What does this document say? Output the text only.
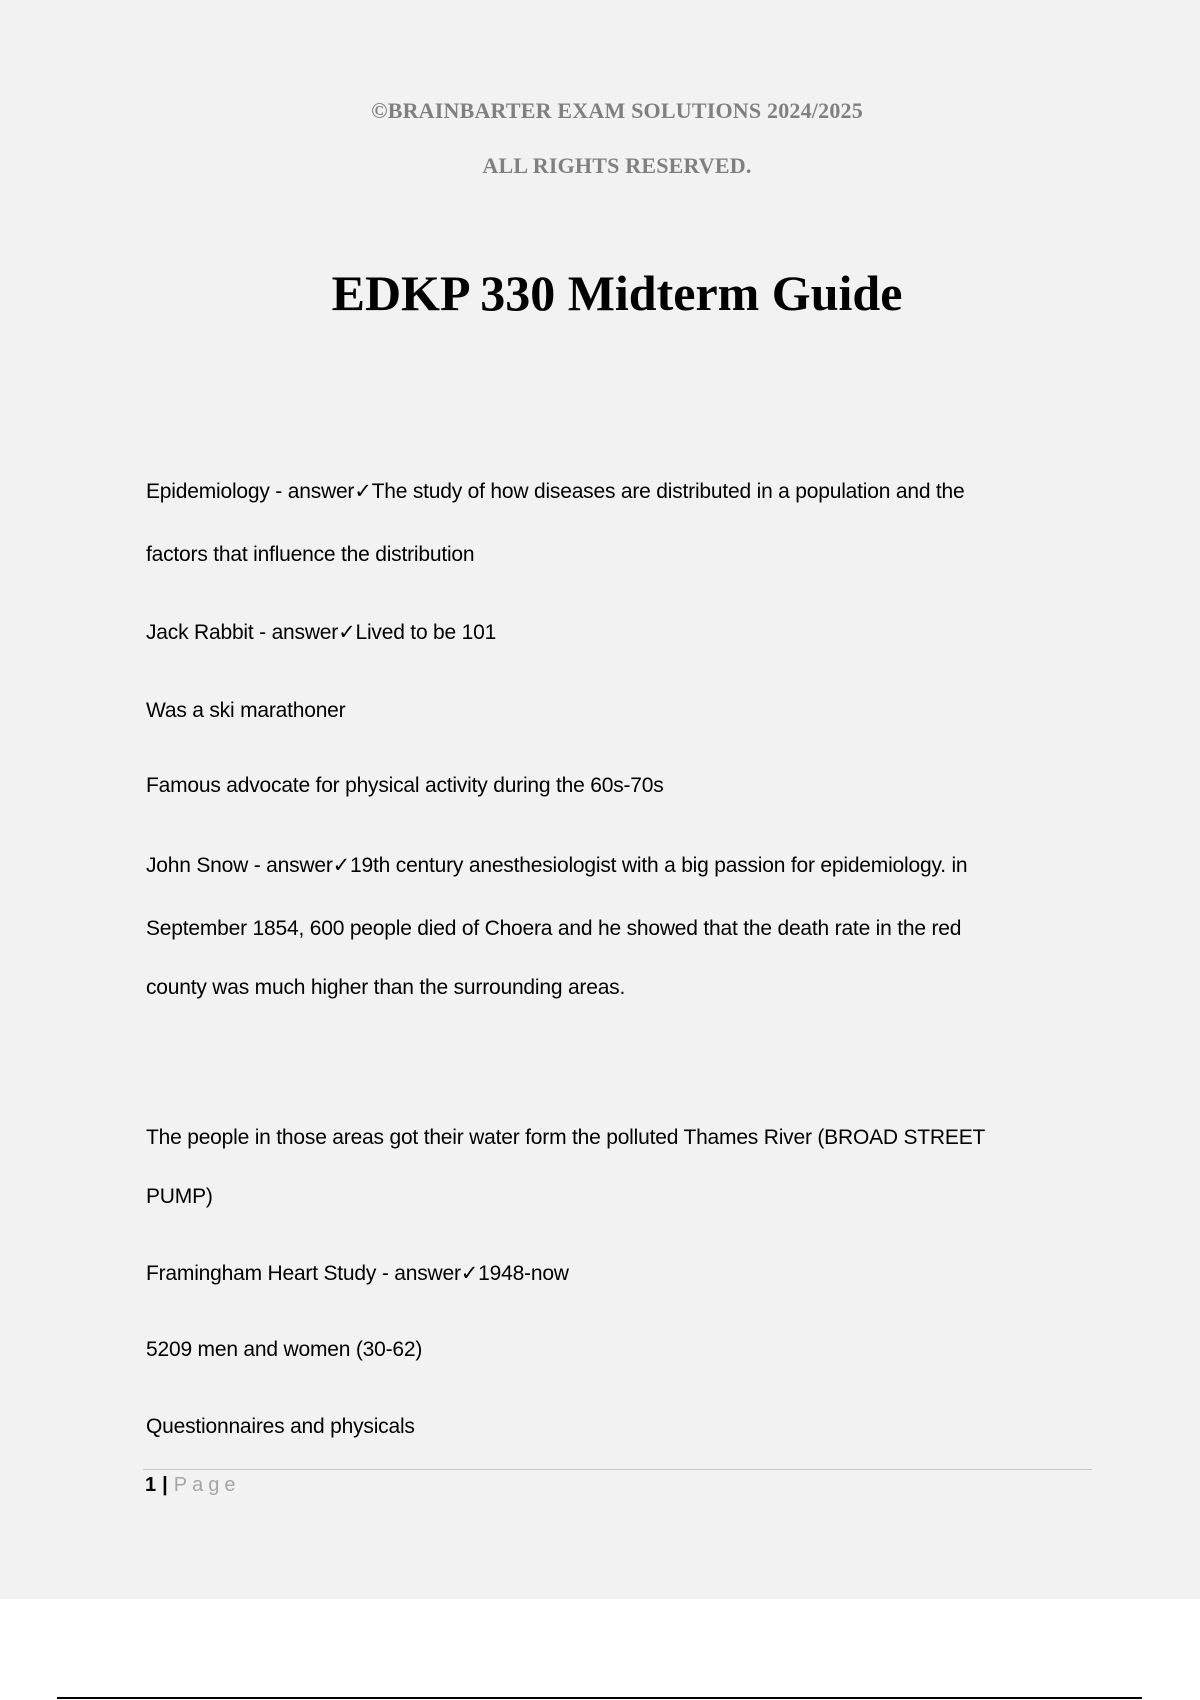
©BRAINBARTER EXAM SOLUTIONS 2024/2025
ALL RIGHTS RESERVED.
EDKP 330 Midterm Guide
Epidemiology - answer✓The study of how diseases are distributed in a population and the
factors that influence the distribution
Jack Rabbit - answer✓Lived to be 101
Was a ski marathoner
Famous advocate for physical activity during the 60s-70s
John Snow - answer✓19th century anesthesiologist with a big passion for epidemiology. in
September 1854, 600 people died of Choera and he showed that the death rate in the red
county was much higher than the surrounding areas.
The people in those areas got their water form the polluted Thames River (BROAD STREET
PUMP)
Framingham Heart Study - answer✓1948-now
5209 men and women (30-62)
Questionnaires and physicals
1 | Page
